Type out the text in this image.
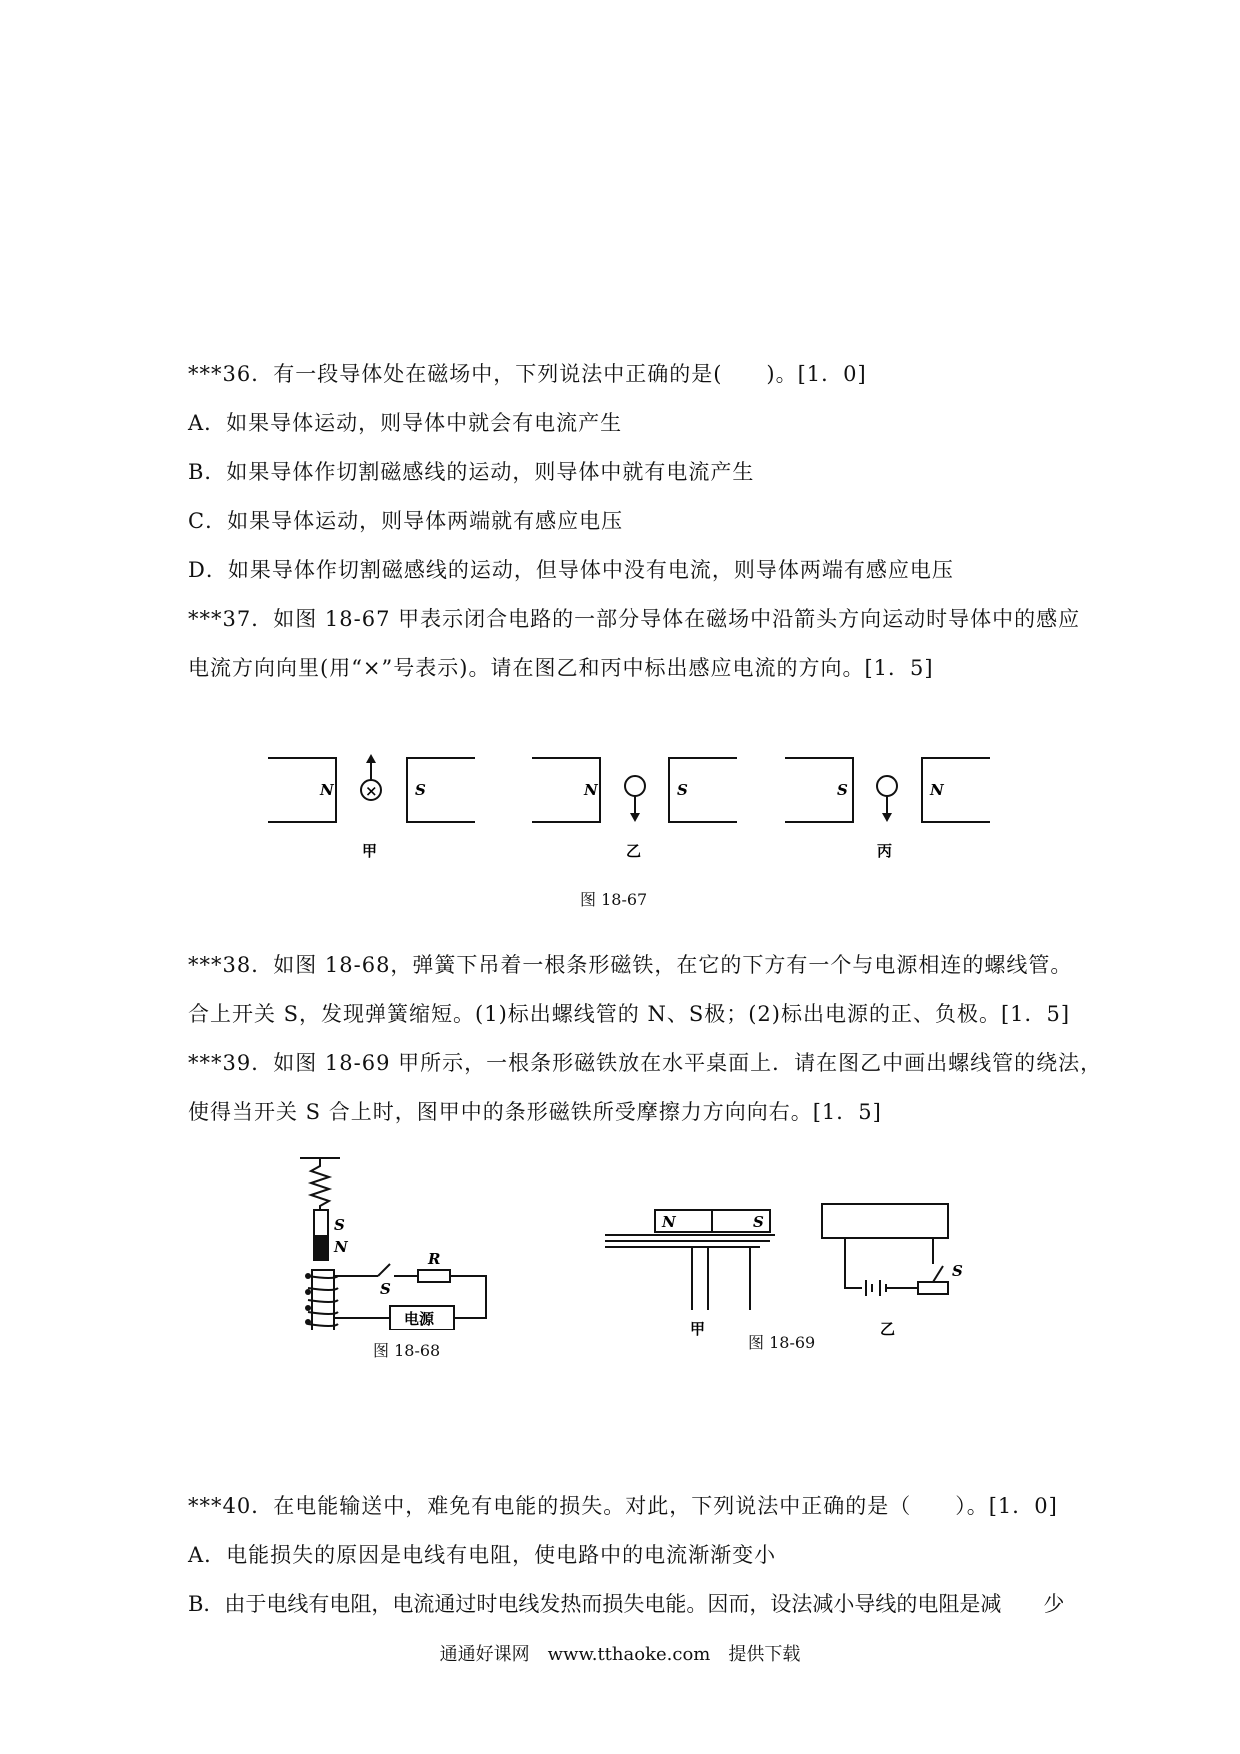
***36．有一段导体处在磁场中，下列说法中正确的是(　　)。[1．0]
A．如果导体运动，则导体中就会有电流产生
B．如果导体作切割磁感线的运动，则导体中就有电流产生
C．如果导体运动，则导体两端就有感应电压
D．如果导体作切割磁感线的运动，但导体中没有电流，则导体两端有感应电压
***37．如图 18-67 甲表示闭合电路的一部分导体在磁场中沿箭头方向运动时导体中的感应
电流方向向里(用“×”号表示)。请在图乙和丙中标出感应电流的方向。[1．5]
N × S	N	S	S	N
甲	乙	丙
图 18-67
***38．如图 18-68，弹簧下吊着一根条形磁铁，在它的下方有一个与电源相连的螺线管。
合上开关 S，发现弹簧缩短。(1)标出螺线管的 N、S极；(2)标出电源的正、负极。[1．5]
***39．如图 18-69 甲所示，一根条形磁铁放在水平桌面上．请在图乙中画出螺线管的绕法，
使得当开关 S 合上时，图甲中的条形磁铁所受摩擦力方向向右。[1．5]
S
N
S
R
电源
图 18-68
N	S
S
甲	乙
图 18-69
***40．在电能输送中，难免有电能的损失。对此，下列说法中正确的是（　　）。[1．0]
A．电能损失的原因是电线有电阻，使电路中的电流渐渐变小
B．由于电线有电阻，电流通过时电线发热而损失电能。因而，设法减小导线的电阻是减　　少
通通好课网　www.tthaoke.com　提供下载
